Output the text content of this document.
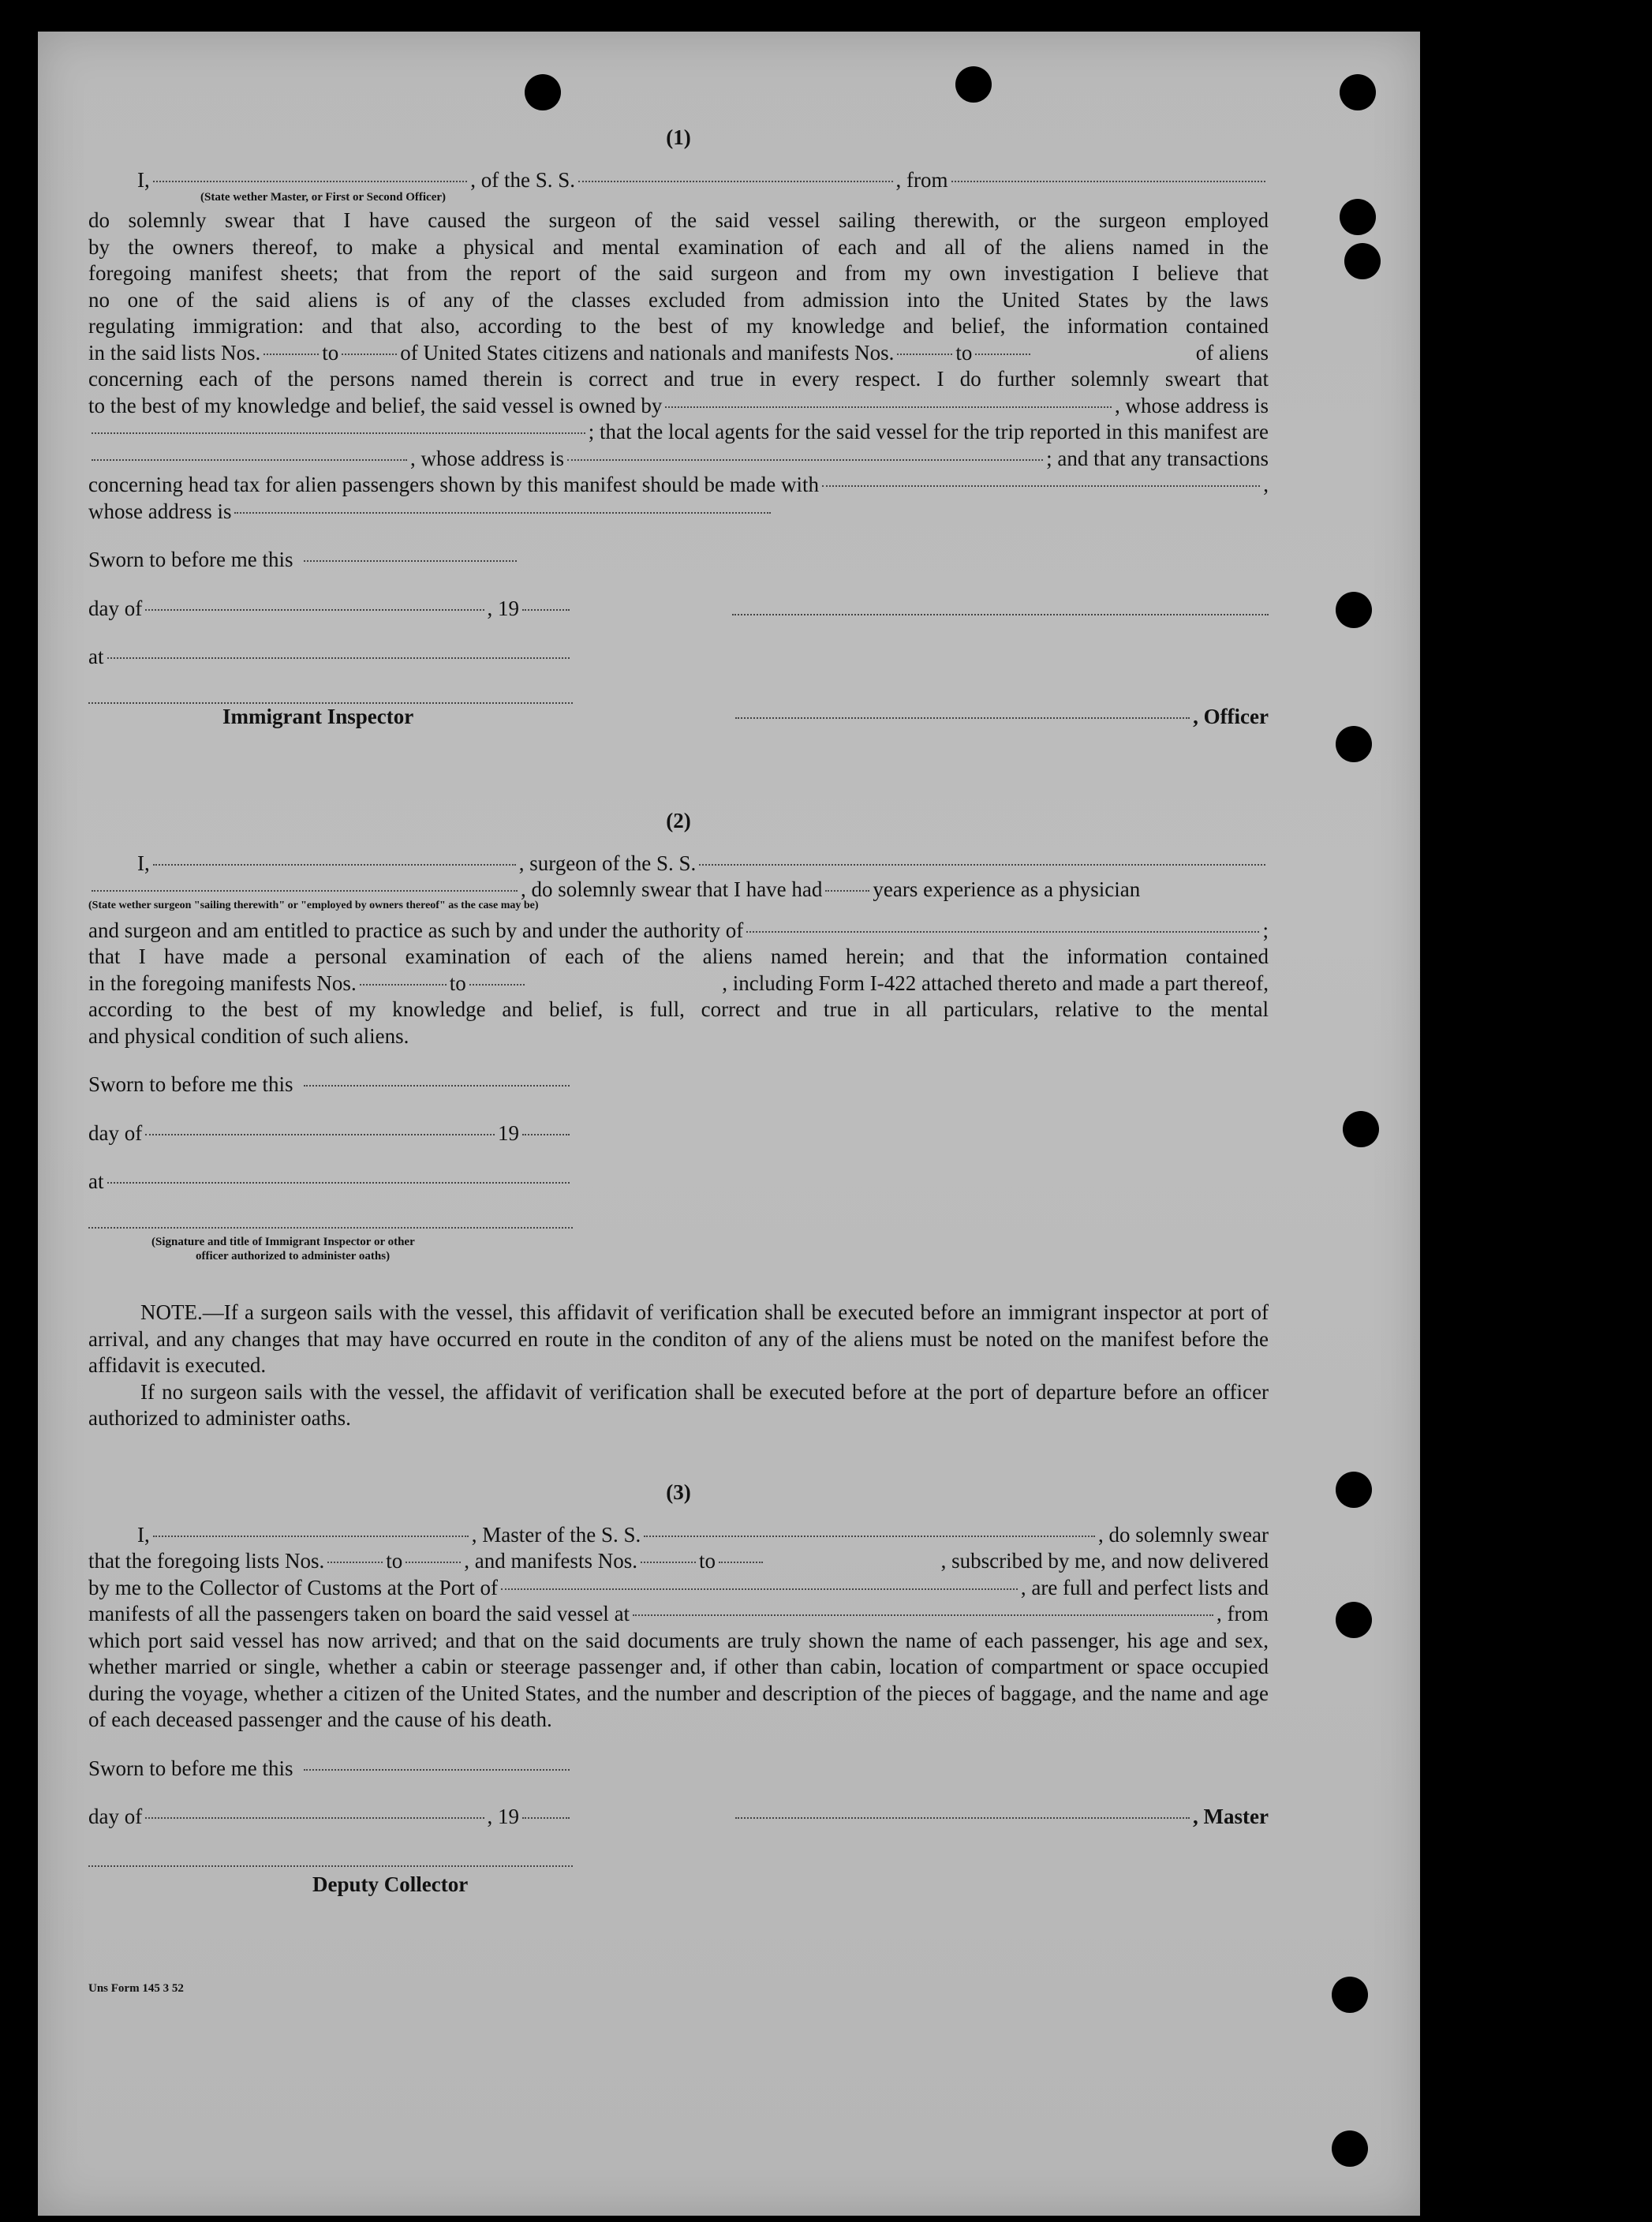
(1)
I,	, of the S. S.	, from
(State wether Master, or First or Second Officer)
do solemnly swear that I have caused the surgeon of the said vessel sailing therewith, or the surgeon employed
by the owners thereof, to make a physical and mental examination of each and all of the aliens named in the
foregoing manifest sheets; that from the report of the said surgeon and from my own investigation I believe that
no one of the said aliens is of any of the classes excluded from admission into the United States by the laws
regulating immigration: and that also, according to the best of my knowledge and belief, the information contained
in the said lists Nos.	to	of United States citizens and nationals and manifests Nos.	to	of aliens
concerning each of the persons named therein is correct and true in every respect. I do further solemnly sweart that
to the best of my knowledge and belief, the said vessel is owned by	, whose address is
; that the local agents for the said vessel for the trip reported in this manifest are
, whose address is	; and that any transactions
concerning head tax for alien passengers shown by this manifest should be made with	,
whose address is
Sworn to before me this
day of	, 19
at
Immigrant Inspector	, Officer
(2)
I,	, surgeon of the S. S.
, do solemnly swear that I have had years experience as a physician
(State wether surgeon "sailing therewith" or "employed by owners thereof" as the case may be)
and surgeon and am entitled to practice as such by and under the authority of	;
that I have made a personal examination of each of the aliens named herein; and that the information contained
in the foregoing manifests Nos.	to	, including Form I-422 attached thereto and made a part thereof,
according to the best of my knowledge and belief, is full, correct and true in all particulars, relative to the mental
and physical condition of such aliens.
Sworn to before me this
day of	19
at
(Signature and title of Immigrant Inspector or other
officer authorized to administer oaths)
NOTE.—If a surgeon sails with the vessel, this affidavit of verification shall be executed before an immigrant inspector at port of arrival, and any changes that may have occurred en route in the conditon of any of the aliens must be noted on the manifest before the affidavit is executed.
If no surgeon sails with the vessel, the affidavit of verification shall be executed before at the port of departure before an officer authorized to administer oaths.
(3)
I,	, Master of the S. S.	, do solemnly swear
that the foregoing lists Nos.	to	, and manifests Nos.	to	, subscribed by me, and now delivered
by me to the Collector of Customs at the Port of	, are full and perfect lists and
manifests of all the passengers taken on board the said vessel at	, from
which port said vessel has now arrived; and that on the said documents are truly shown the name of each passenger, his age and sex, whether married or single, whether a cabin or steerage passenger and, if other than cabin, location of compartment or space occupied during the voyage, whether a citizen of the United States, and the number and description of the pieces of baggage, and the name and age of each deceased passenger and the cause of his death.
Sworn to before me this
day of	, 19	, Master
Deputy Collector
Uns Form 145 3 52
